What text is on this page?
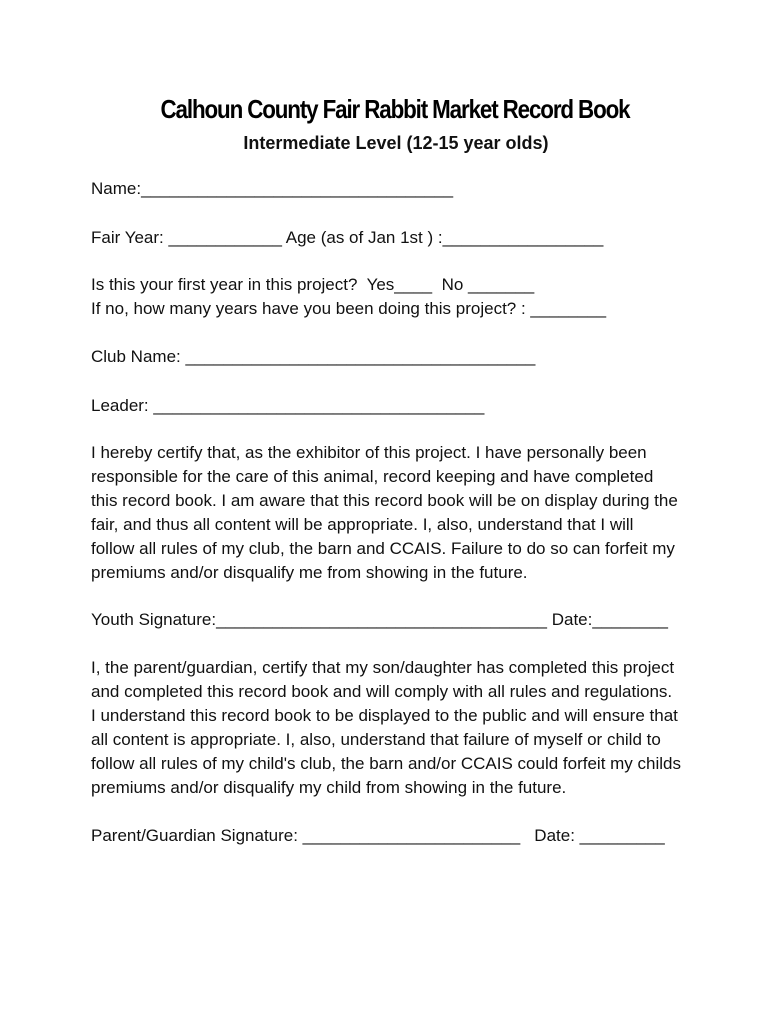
Calhoun County Fair Rabbit Market Record Book
Intermediate Level (12-15 year olds)
Name:_________________________________
Fair Year: ____________ Age (as of Jan 1st ) :_________________
Is this your first year in this project?  Yes____  No _______
If no, how many years have you been doing this project? : ________
Club Name: _____________________________________
Leader: ___________________________________
I hereby certify that, as the exhibitor of this project. I have personally been
responsible for the care of this animal, record keeping and have completed
this record book. I am aware that this record book will be on display during the
fair, and thus all content will be appropriate. I, also, understand that I will
follow all rules of my club, the barn and CCAIS. Failure to do so can forfeit my
premiums and/or disqualify me from showing in the future.
Youth Signature:___________________________________ Date:________
I, the parent/guardian, certify that my son/daughter has completed this project
and completed this record book and will comply with all rules and regulations.
I understand this record book to be displayed to the public and will ensure that
all content is appropriate. I, also, understand that failure of myself or child to
follow all rules of my child's club, the barn and/or CCAIS could forfeit my childs
premiums and/or disqualify my child from showing in the future.
Parent/Guardian Signature: _______________________   Date: _________
